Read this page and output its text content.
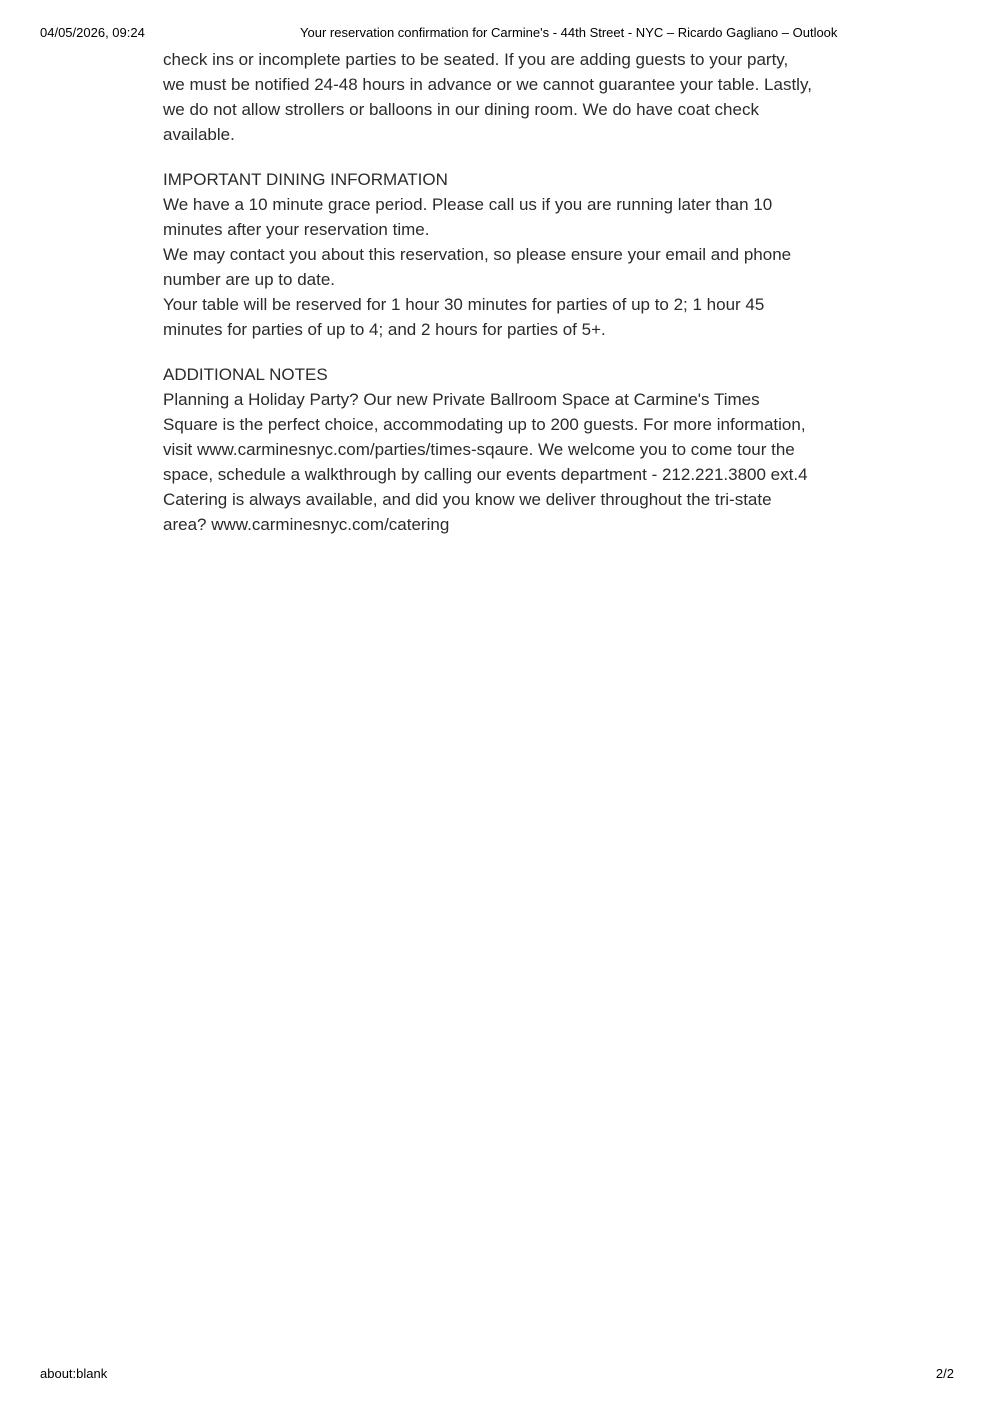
04/05/2026, 09:24	Your reservation confirmation for Carmine's - 44th Street - NYC – Ricardo Gagliano – Outlook

check ins or incomplete parties to be seated. If you are adding guests to your party,

we must be notified 24-48 hours in advance or we cannot guarantee your table. Lastly,

we do not allow strollers or balloons in our dining room. We do have coat check

available.

IMPORTANT DINING INFORMATION

We have a 10 minute grace period. Please call us if you are running later than 10

minutes after your reservation time.

We may contact you about this reservation, so please ensure your email and phone

number are up to date.

Your table will be reserved for 1 hour 30 minutes for parties of up to 2; 1 hour 45

minutes for parties of up to 4; and 2 hours for parties of 5+.

ADDITIONAL NOTES

Planning a Holiday Party? Our new Private Ballroom Space at Carmine's Times

Square is the perfect choice, accommodating up to 200 guests. For more information,

visit www.carminesnyc.com/parties/times-sqaure. We welcome you to come tour the

space, schedule a walkthrough by calling our events department - 212.221.3800 ext.4

Catering is always available, and did you know we deliver throughout the tri-state

area? www.carminesnyc.com/catering

about:blank	2/2
